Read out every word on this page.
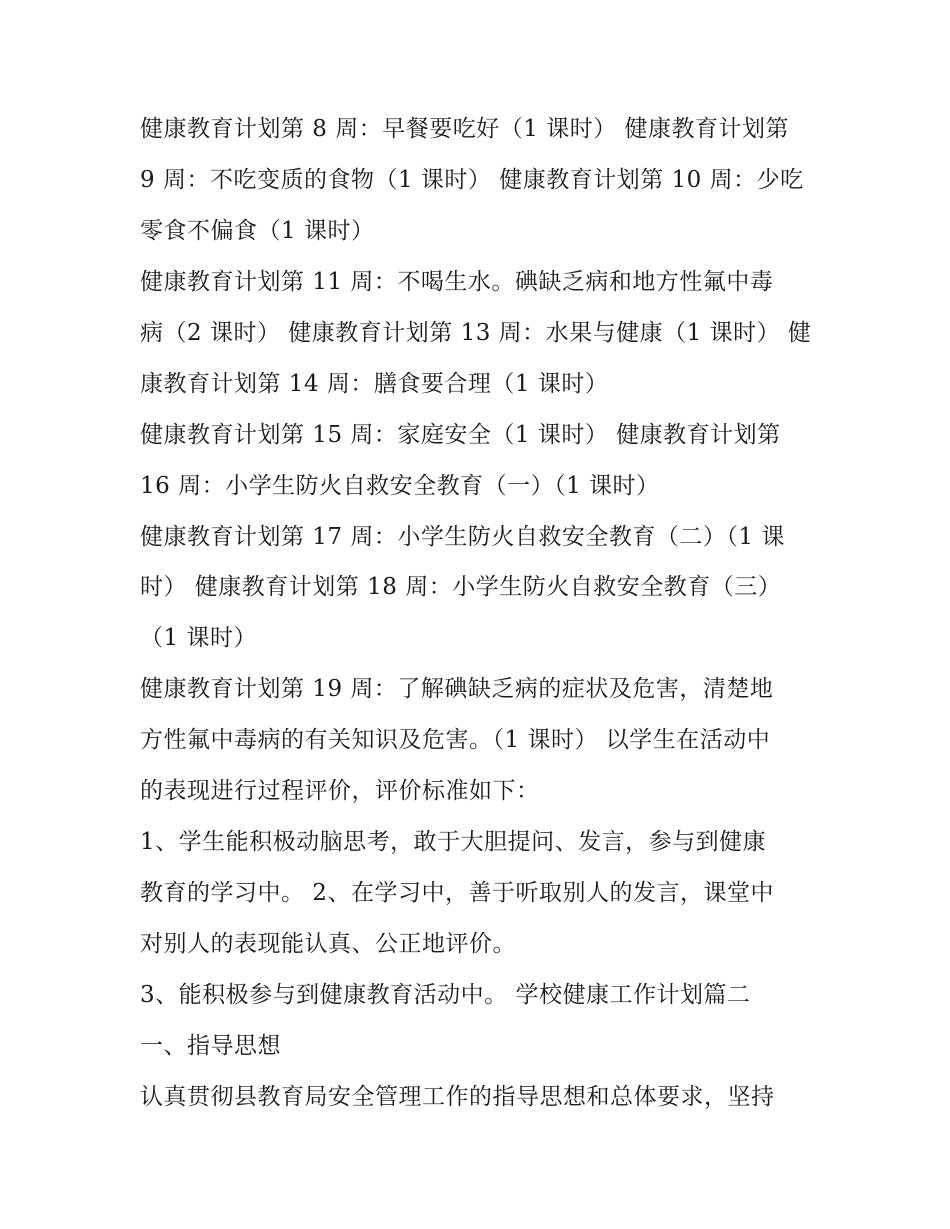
健康教育计划第 8 周：早餐要吃好（1 课时） 健康教育计划第
9 周：不吃变质的食物（1 课时） 健康教育计划第 10 周：少吃
零食不偏食（1 课时）
健康教育计划第 11 周：不喝生水。碘缺乏病和地方性氟中毒
病（2 课时） 健康教育计划第 13 周：水果与健康（1 课时） 健
康教育计划第 14 周：膳食要合理（1 课时）
健康教育计划第 15 周：家庭安全（1 课时） 健康教育计划第
16 周：小学生防火自救安全教育（一）（1 课时）
健康教育计划第 17 周：小学生防火自救安全教育（二）（1 课
时） 健康教育计划第 18 周：小学生防火自救安全教育（三）
（1 课时）
健康教育计划第 19 周：了解碘缺乏病的症状及危害，清楚地
方性氟中毒病的有关知识及危害。（1 课时） 以学生在活动中
的表现进行过程评价，评价标准如下：
1、学生能积极动脑思考，敢于大胆提问、发言，参与到健康
教育的学习中。 2、在学习中，善于听取别人的发言，课堂中
对别人的表现能认真、公正地评价。
3、能积极参与到健康教育活动中。 学校健康工作计划篇二
一、指导思想
认真贯彻县教育局安全管理工作的指导思想和总体要求，坚持
